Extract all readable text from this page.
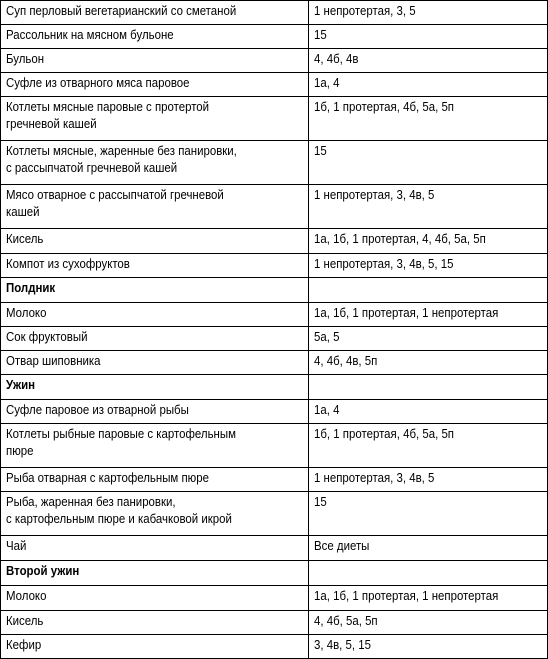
Суп перловый вегетарианский со сметаной	1 непротертая, 3, 5

Рассольник на мясном бульоне	15

Бульон	4, 4б, 4в

Суфле из отварного мяса паровое	1а, 4

Котлеты мясные паровые с протертой
гречневой кашей	1б, 1 протертая, 4б, 5а, 5п

Котлеты мясные, жаренные без панировки,
с рассыпчатой гречневой кашей	15

Мясо отварное с рассыпчатой гречневой
кашей	1 непротертая, 3, 4в, 5

Кисель	1а, 1б, 1 протертая, 4, 4б, 5а, 5п

Компот из сухофруктов	1 непротертая, 3, 4в, 5, 15

Полдник	

Молоко	1а, 1б, 1 протертая, 1 непротертая

Сок фруктовый	5а, 5

Отвар шиповника	4, 4б, 4в, 5п

Ужин	

Суфле паровое из отварной рыбы	1а, 4

Котлеты рыбные паровые с картофельным
пюре	1б, 1 протертая, 4б, 5а, 5п

Рыба отварная с картофельным пюре	1 непротертая, 3, 4в, 5

Рыба, жаренная без панировки,
с картофельным пюре и кабачковой икрой	15

Чай	Все диеты

Второй ужин	

Молоко	1а, 1б, 1 протертая, 1 непротертая

Кисель	4, 4б, 5а, 5п

Кефир	3, 4в, 5, 15
